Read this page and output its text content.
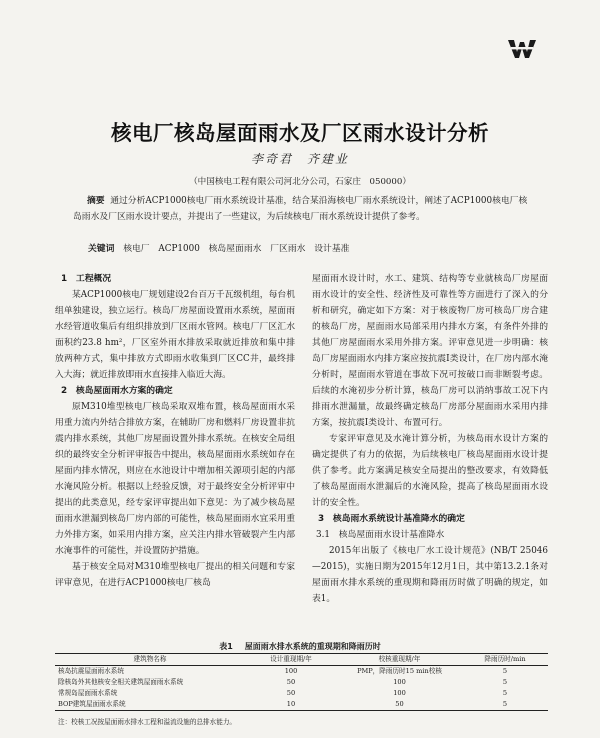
核电厂核岛屋面雨水及厂区雨水设计分析
李奇君　齐建业
（中国核电工程有限公司河北分公司，石家庄　050000）
摘要 通过分析ACP1000核电厂雨水系统设计基准，结合某沿海核电厂雨水系统设计，阐述了ACP1000核电厂核岛雨水及厂区雨水设计要点，并提出了一些建议，为后续核电厂雨水系统设计提供了参考。
关键词 核电厂　 ACP1000　 核岛屋面雨水　 厂区雨水　 设计基准
1　工程概况

某ACP1000核电厂规划建设2台百万千瓦级机组，每台机组单独建设，独立运行。核岛厂房屋面设置雨水系统，屋面雨水经管道收集后有组织排放到厂区雨水管网。核电厂厂区汇水面积约23.8 hm²，厂区室外雨水排放采取就近排放和集中排放两种方式，集中排放方式即雨水收集到厂区CC井，最终排入大海；就近排放即雨水直接排入临近大海。

2　核岛屋面雨水方案的确定

原M310堆型核电厂核岛采取双堆布置，核岛屋面雨水采用重力流内外结合排放方案，在辅助厂房和燃料厂房设置非抗震内排水系统，其他厂房屋面设置外排水系统。在核安全局组织的最终安全分析评审报告中提出，核岛屋面雨水系统如存在屋面内排水情况，则应在水池设计中增加相关源项引起的内部水淹风险分析。根据以上经验反馈，对于最终安全分析评审中提出的此类意见，经专家评审提出如下意见：为了减少核岛屋面雨水泄漏到核岛厂房内部的可能性，核岛屋面雨水宜采用重力外排方案，如采用内排方案，应关注内排水管破裂产生内部水淹事件的可能性，并设置防护措施。

基于核安全局对M310堆型核电厂提出的相关问题和专家评审意见，在进行ACP1000核电厂核岛

屋面雨水设计时，水工、建筑、结构等专业就核岛厂房屋面雨水设计的安全性、经济性及可靠性等方面进行了深入的分析和研究，确定如下方案：对于核废物厂房可核岛厂房合建的核岛厂房，屋面雨水局部采用内排水方案，有条件外排的其他厂房屋面雨水采用外排方案。评审意见进一步明确：核岛厂房屋面雨水内排方案应按抗震Ⅰ类设计，在厂房内部水淹分析时，屋面雨水管道在事故下况可按破口而非断裂考虑。后续的水淹初步分析计算，核岛厂房可以消纳事故工况下内排雨水泄漏量，故最终确定核岛厂房部分屋面雨水采用内排方案，按抗震Ⅰ类设计、布置可行。

专家评审意见及水淹计算分析，为核岛雨水设计方案的确定提供了有力的依据，为后续核电厂核岛屋面雨水设计提供了参考。此方案满足核安全局提出的整改要求，有效降低了核岛屋面雨水泄漏后的水淹风险，提高了核岛屋面雨水设计的安全性。

3　核岛雨水系统设计基准降水的确定
3.1　核岛屋面雨水设计基准降水

2015年出版了《核电厂水工设计规范》(NB/T 25046—2015)，实施日期为2015年12月1日，其中第13.2.1条对屋面雨水排水系统的重现期和降雨历时做了明确的规定，如表1。

表1 屋面雨水排水系统的重现期和降雨历时
建筑物名称	设计重现期/年	校核重现期/年	降雨历时/min
核岛抗震屋面雨水系统	100	PMP，降雨历时15 min校核	5
除核岛外其他核安全相关建筑屋面雨水系统	50	100	5
常规岛屋面雨水系统	50	100	5
BOP建筑屋面雨水系统	10	50	5
注：校核工况按屋面雨水排水工程和溢流设施的总排水能力。
